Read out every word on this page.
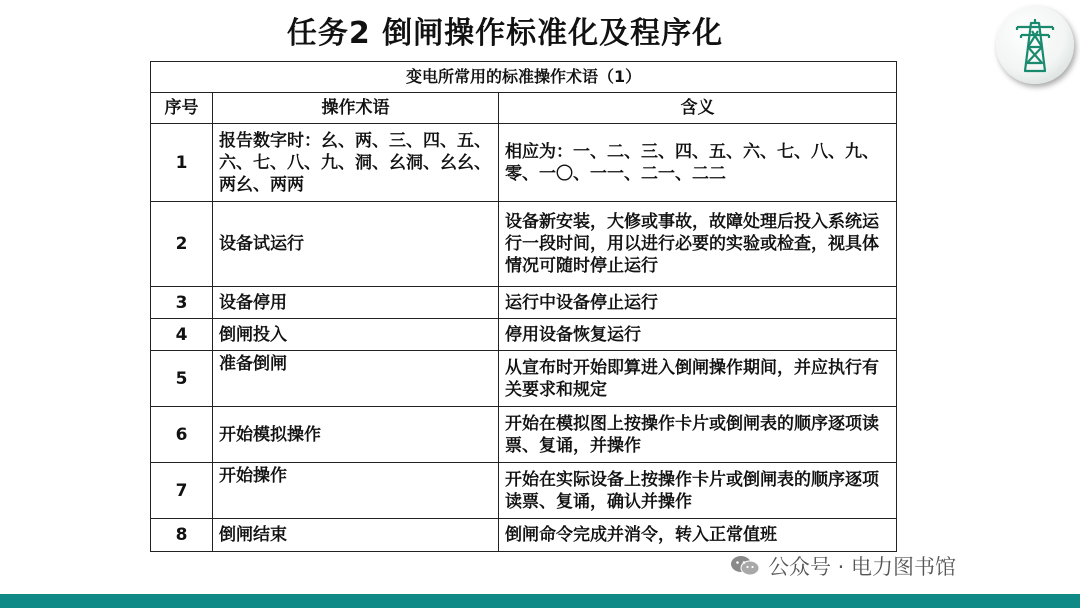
任务2 倒闸操作标准化及程序化
变电所常用的标准操作术语（1）		
序号	操作术语	含义
1	报告数字时：幺、两、三、四、五、六、七、八、九、洞、幺洞、幺幺、两幺、两两	相应为：一、二、三、四、五、六、七、八、九、零、一〇、一一、二一、二二
2	设备试运行	设备新安装，大修或事故，故障处理后投入系统运行一段时间，用以进行必要的实验或检查，视具体情况可随时停止运行
3	设备停用	运行中设备停止运行
4	倒闸投入	停用设备恢复运行
5	准备倒闸	从宣布时开始即算进入倒闸操作期间，并应执行有关要求和规定
6	开始模拟操作	开始在模拟图上按操作卡片或倒闸表的顺序逐项读票、复诵，并操作
7	开始操作	开始在实际设备上按操作卡片或倒闸表的顺序逐项读票、复诵，确认并操作
8	倒闸结束	倒闸命令完成并消令，转入正常值班
公众号 · 电力图书馆
